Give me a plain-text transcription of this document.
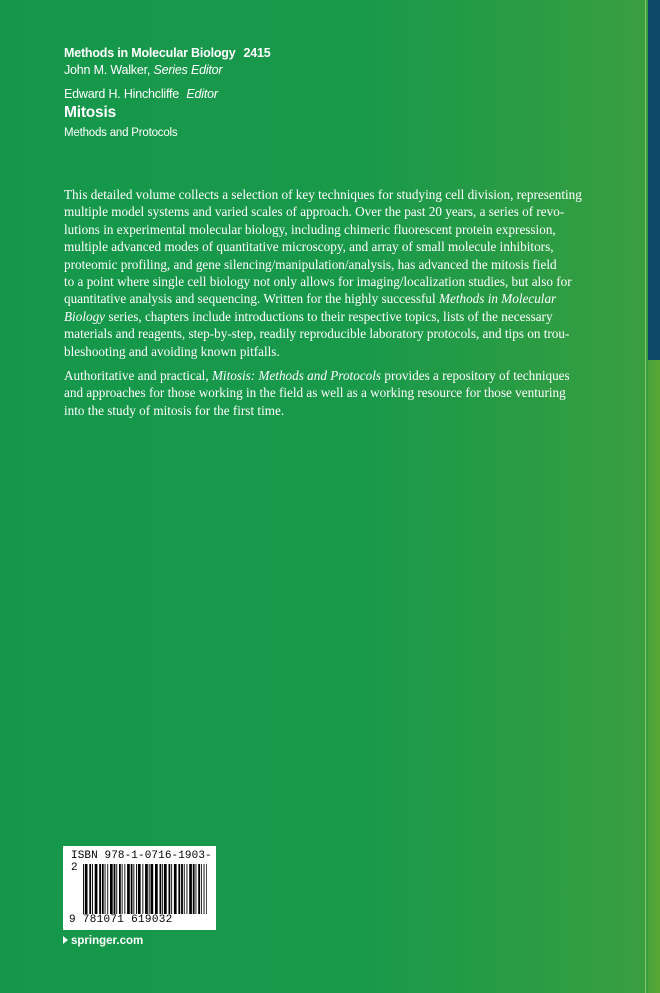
Methods in Molecular Biology 2415
John M. Walker, Series Editor
Edward H. Hinchcliffe Editor
Mitosis
Methods and Protocols
This detailed volume collects a selection of key techniques for studying cell division, representing
multiple model systems and varied scales of approach. Over the past 20 years, a series of revo-
lutions in experimental molecular biology, including chimeric fluorescent protein expression,
multiple advanced modes of quantitative microscopy, and array of small molecule inhibitors,
proteomic profiling, and gene silencing/manipulation/analysis, has advanced the mitosis field
to a point where single cell biology not only allows for imaging/localization studies, but also for
quantitative analysis and sequencing. Written for the highly successful Methods in Molecular
Biology series, chapters include introductions to their respective topics, lists of the necessary
materials and reagents, step-by-step, readily reproducible laboratory protocols, and tips on trou-
bleshooting and avoiding known pitfalls.
Authoritative and practical, Mitosis: Methods and Protocols provides a repository of techniques
and approaches for those working in the field as well as a working resource for those venturing
into the study of mitosis for the first time.
ISBN 978-1-0716-1903-2
9 781071 619032
springer.com
